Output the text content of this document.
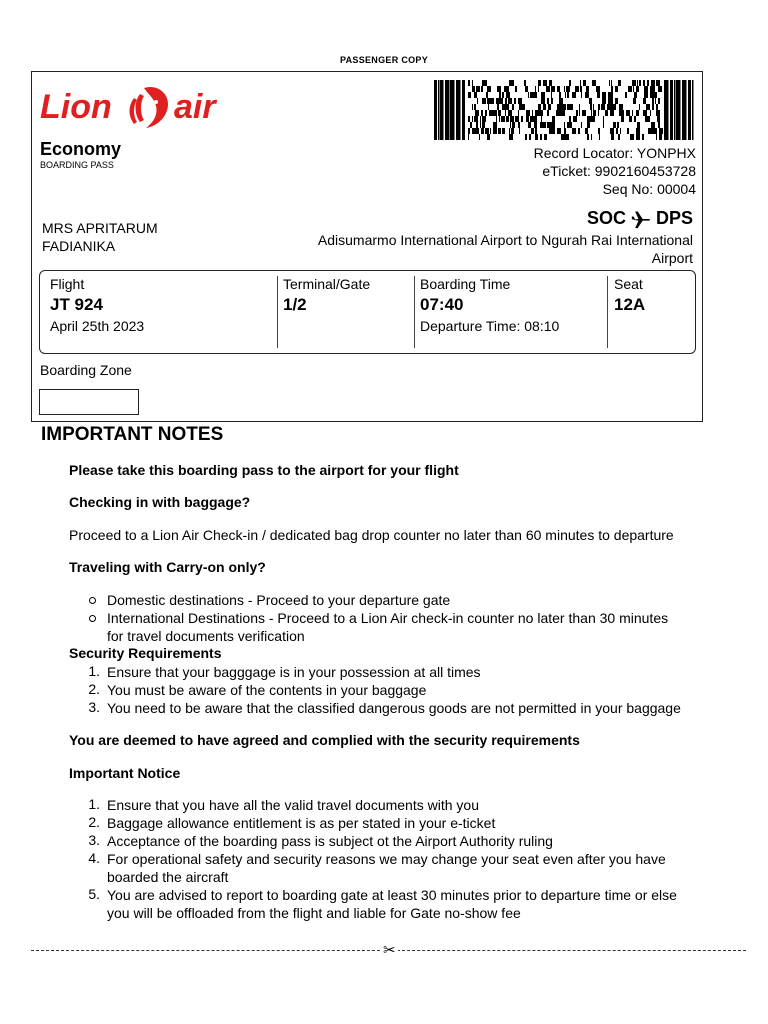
PASSENGER COPY
Lion air
Economy
BOARDING PASS
Record Locator: YONPHX
eTicket: 9902160453728
Seq No: 00004
MRS APRITARUM
FADIANIKA
SOC DPS
Adisumarmo International Airport to Ngurah Rai International
Airport
Flight
JT 924
April 25th 2023
Terminal/Gate
1/2
Boarding Time
07:40
Departure Time: 08:10
Seat
12A
Boarding Zone
IMPORTANT NOTES
Please take this boarding pass to the airport for your flight
Checking in with baggage?
Proceed to a Lion Air Check-in / dedicated bag drop counter no later than 60 minutes to departure
Traveling with Carry-on only?
Domestic destinations - Proceed to your departure gate
International Destinations - Proceed to a Lion Air check-in counter no later than 30 minutes
for travel documents verification
Security Requirements
1. Ensure that your bagggage is in your possession at all times
2. You must be aware of the contents in your baggage
3. You need to be aware that the classified dangerous goods are not permitted in your baggage
You are deemed to have agreed and complied with the security requirements
Important Notice
1. Ensure that you have all the valid travel documents with you
2. Baggage allowance entitlement is as per stated in your e-ticket
3. Acceptance of the boarding pass is subject ot the Airport Authority ruling
4. For operational safety and security reasons we may change your seat even after you have
boarded the aircraft
5. You are advised to report to boarding gate at least 30 minutes prior to departure time or else
you will be offloaded from the flight and liable for Gate no-show fee
✂
